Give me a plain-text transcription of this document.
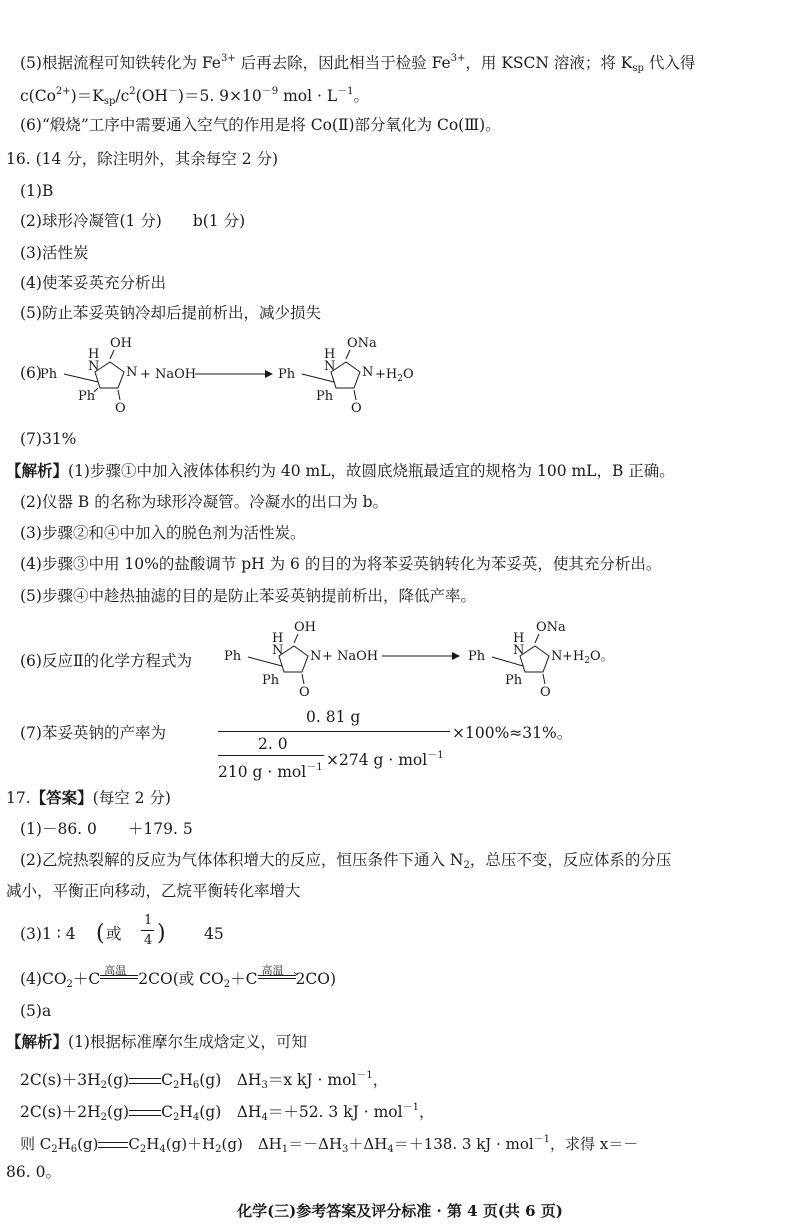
(5)根据流程可知铁转化为 $Fe^{3+}$ 后再去除，因此相当于检验 $Fe^{3+}$，用 KSCN 溶液；将 $K_{sp}$ 代入得
$c(Co^{2+})=K_{sp}/c^2(OH^-)=5$. $9\times 10^{-9}$ mol · $L^{-1}$。
(6)“煅烧”工序中需要通入空气的作用是将 Co(Ⅱ)部分氧化为 Co(Ⅲ)。
16. (14 分，除注明外，其余每空 2 分)
(1)B
(2)球形冷凝管(1 分)　　b(1 分)
(3)活性炭
(4)使苯妥英充分析出
(5)防止苯妥英钠冷却后提前析出，减少损失
(6)
OH
H
N N
Ph
Ph
O
+ NaOH
ONa
H
N N
Ph
Ph
O
$+H_2O$
(7)31%
【解析】(1)步骤①中加入液体体积约为 40 mL，故圆底烧瓶最适宜的规格为 100 mL，B 正确。
(2)仪器 B 的名称为球形冷凝管。冷凝水的出口为 b。
(3)步骤②和④中加入的脱色剂为活性炭。
(4)步骤③中用 10%的盐酸调节 pH 为 6 的目的为将苯妥英钠转化为苯妥英，使其充分析出。
(5)步骤④中趁热抽滤的目的是防止苯妥英钠提前析出，降低产率。
(6)反应Ⅱ的化学方程式为
OH
H
N N
Ph
Ph
O
+ NaOH
ONa
H
N N
Ph
Ph
O
$+H_2O$。
(7)苯妥英钠的产率为
0. 81 g
2. 0
210 g · mol$^{-1}$ ×274 g · mol$^{-1}$
×100%≈31%。
17.【答案】(每空 2 分)
(1)－86. 0　　＋179. 5
(2)乙烷热裂解的反应为气体体积增大的反应，恒压条件下通入 $N_2$，总压不变，反应体系的分压
减小，平衡正向移动，乙烷平衡转化率增大
(3)1 ∶ 4 ( 或
1
4 ) 45
$(4)CO_2+C$ 高温 2CO(或 $CO_2+C$ 高温 2CO)
(5)a
【解析】(1)根据标准摩尔生成焓定义，可知
$2C(s)+3H_2(g)$ $C_2H_6(g)$　$\Delta H_3=x$ kJ · mol$^{-1}$，
$2C(s)+2H_2(g)$ $C_2H_4(g)$　$\Delta H_4=+52$. 3 kJ · mol$^{-1}$，
则 $C_2H_6(g)$ $C_2H_4(g)+H_2(g)$　$\Delta H_1=-\Delta H_3+\Delta H_4=+138$. 3 kJ · mol$^{-1}$，求得 x＝－
86. 0。
化学(三)参考答案及评分标准 · 第 4 页(共 6 页)
